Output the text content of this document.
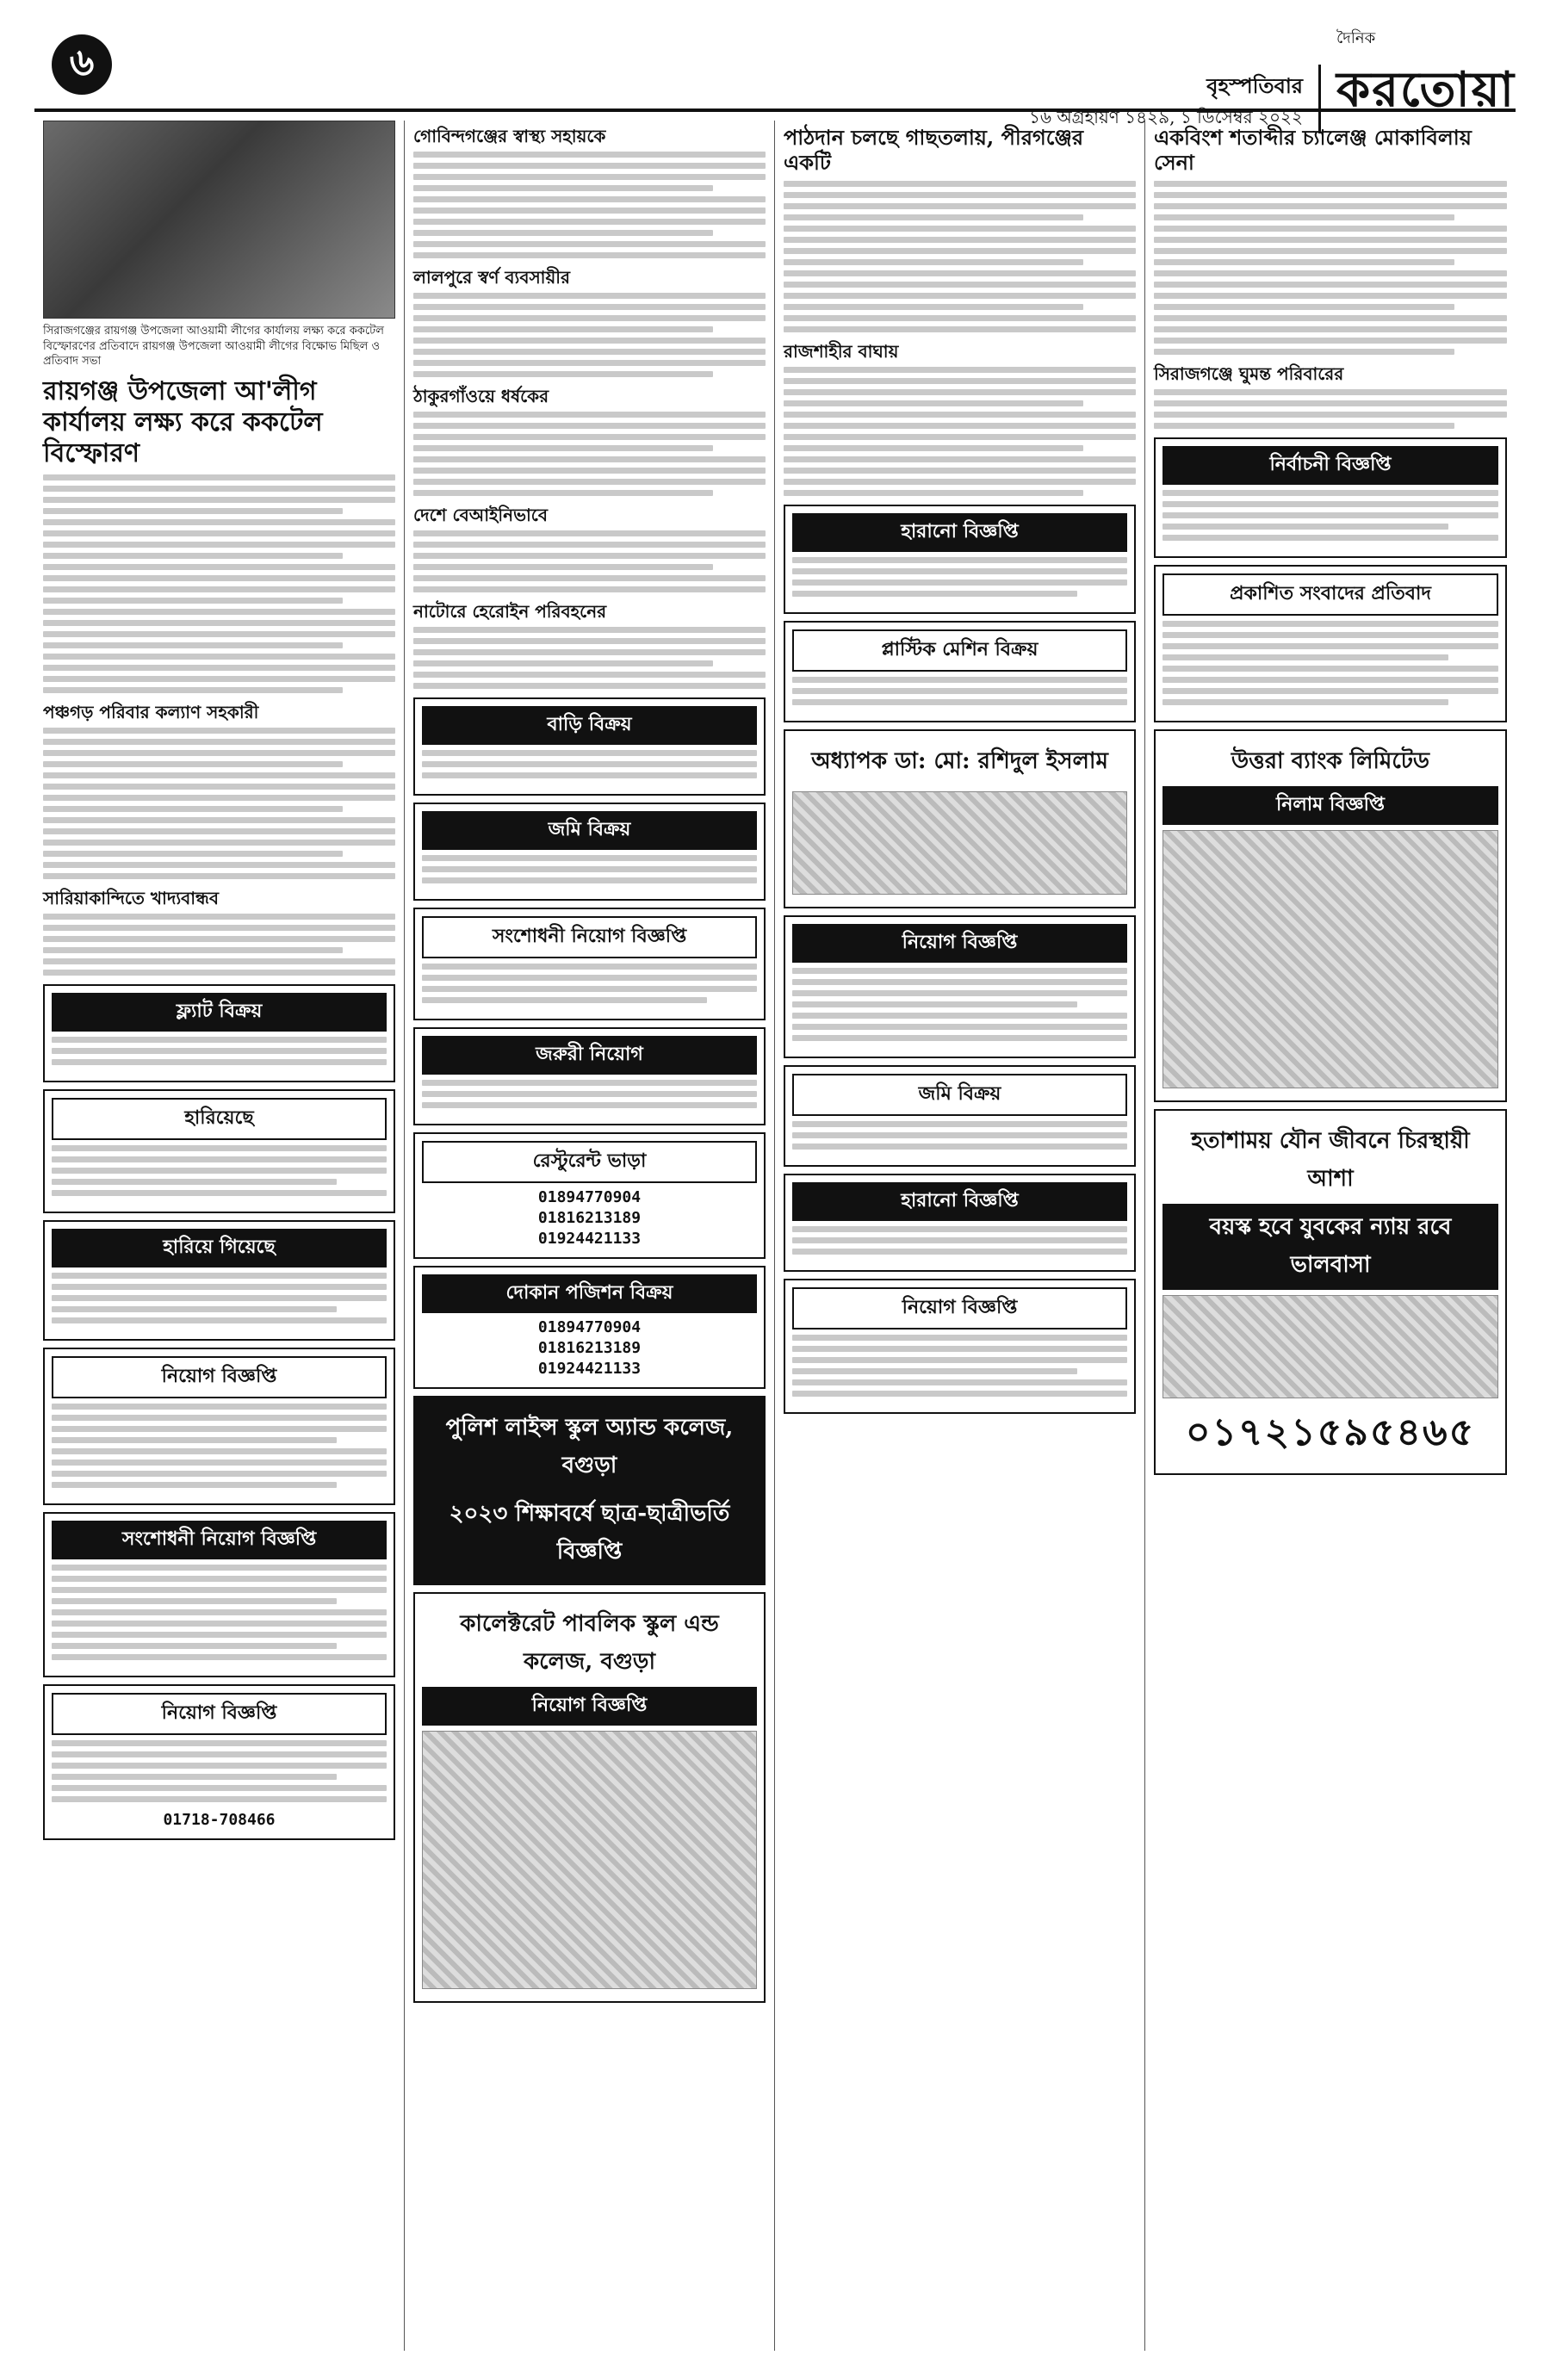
৬
বৃহস্পতিবার
১৬ অগ্রহায়ণ ১৪২৯, ১ ডিসেম্বর ২০২২
দৈনিক
করতোয়া
সিরাজগঞ্জের রায়গঞ্জ উপজেলা আওয়ামী লীগের কার্যালয় লক্ষ্য করে ককটেল বিস্ফোরণের প্রতিবাদে রায়গঞ্জ উপজেলা আওয়ামী লীগের বিক্ষোভ মিছিল ও প্রতিবাদ সভা
রায়গঞ্জ উপজেলা আ'লীগ কার্যালয় লক্ষ্য করে ককটেল বিস্ফোরণ
পঞ্চগড় পরিবার কল্যাণ সহকারী
সারিয়াকান্দিতে খাদ্যবান্ধব
ফ্ল্যাট বিক্রয়
হারিয়েছে
হারিয়ে গিয়েছে
নিয়োগ বিজ্ঞপ্তি
সংশোধনী নিয়োগ বিজ্ঞপ্তি
নিয়োগ বিজ্ঞপ্তি
01718-708466
গোবিন্দগঞ্জের স্বাস্থ্য সহায়কে
লালপুরে স্বর্ণ ব্যবসায়ীর
ঠাকুরগাঁওয়ে ধর্ষকের
দেশে বেআইনিভাবে
নাটোরে হেরোইন পরিবহনের
বাড়ি বিক্রয়
জমি বিক্রয়
সংশোধনী নিয়োগ বিজ্ঞপ্তি
জরুরী নিয়োগ
রেস্টুরেন্ট ভাড়া
01894770904
01816213189
01924421133
দোকান পজিশন বিক্রয়
01894770904
01816213189
01924421133
পুলিশ লাইন্স স্কুল অ্যান্ড কলেজ, বগুড়া
২০২৩ শিক্ষাবর্ষে ছাত্র-ছাত্রীভর্তি বিজ্ঞপ্তি
কালেক্টরেট পাবলিক স্কুল এন্ড কলেজ, বগুড়া
নিয়োগ বিজ্ঞপ্তি
পাঠদান চলছে গাছতলায়, পীরগঞ্জের একটি
রাজশাহীর বাঘায়
হারানো বিজ্ঞপ্তি
প্লাস্টিক মেশিন বিক্রয়
অধ্যাপক ডা: মো: রশিদুল ইসলাম
নিয়োগ বিজ্ঞপ্তি
জমি বিক্রয়
হারানো বিজ্ঞপ্তি
নিয়োগ বিজ্ঞপ্তি
একবিংশ শতাব্দীর চ্যালেঞ্জ মোকাবিলায় সেনা
সিরাজগঞ্জে ঘুমন্ত পরিবারের
নির্বাচনী বিজ্ঞপ্তি
প্রকাশিত সংবাদের প্রতিবাদ
উত্তরা ব্যাংক লিমিটেড
নিলাম বিজ্ঞপ্তি
হতাশাময় যৌন জীবনে চিরস্থায়ী আশা
বয়স্ক হবে যুবকের ন্যায় রবে ভালবাসা
০১৭২১৫৯৫৪৬৫
